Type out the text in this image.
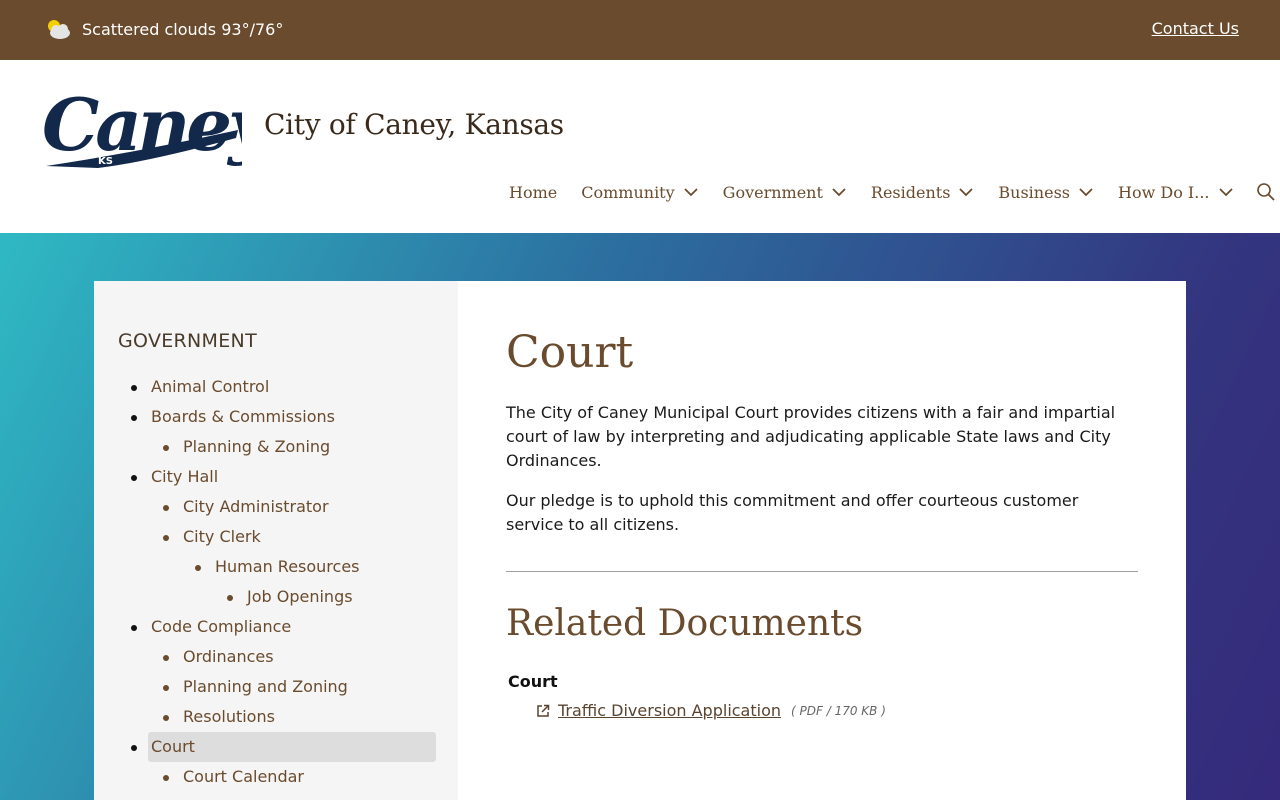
Scattered clouds 93°/76°	Contact Us
Cane
KS
City of Caney, Kansas
Home Community	Government	Residents	Business	How Do I...
GOVERNMENT
Animal Control
Boards & Commissions
Planning & Zoning
City Hall
City Administrator
City Clerk
Human Resources
Job Openings
Code Compliance
Ordinances
Planning and Zoning
Resolutions
Court
Court Calendar
Court

The City of Caney Municipal Court provides citizens with a fair and impartial court of law by interpreting and adjudicating applicable State laws and City Ordinances.

Our pledge is to uphold this commitment and offer courteous customer service to all citizens.

Related Documents
Court
Traffic Diversion Application ( PDF / 170 KB )
